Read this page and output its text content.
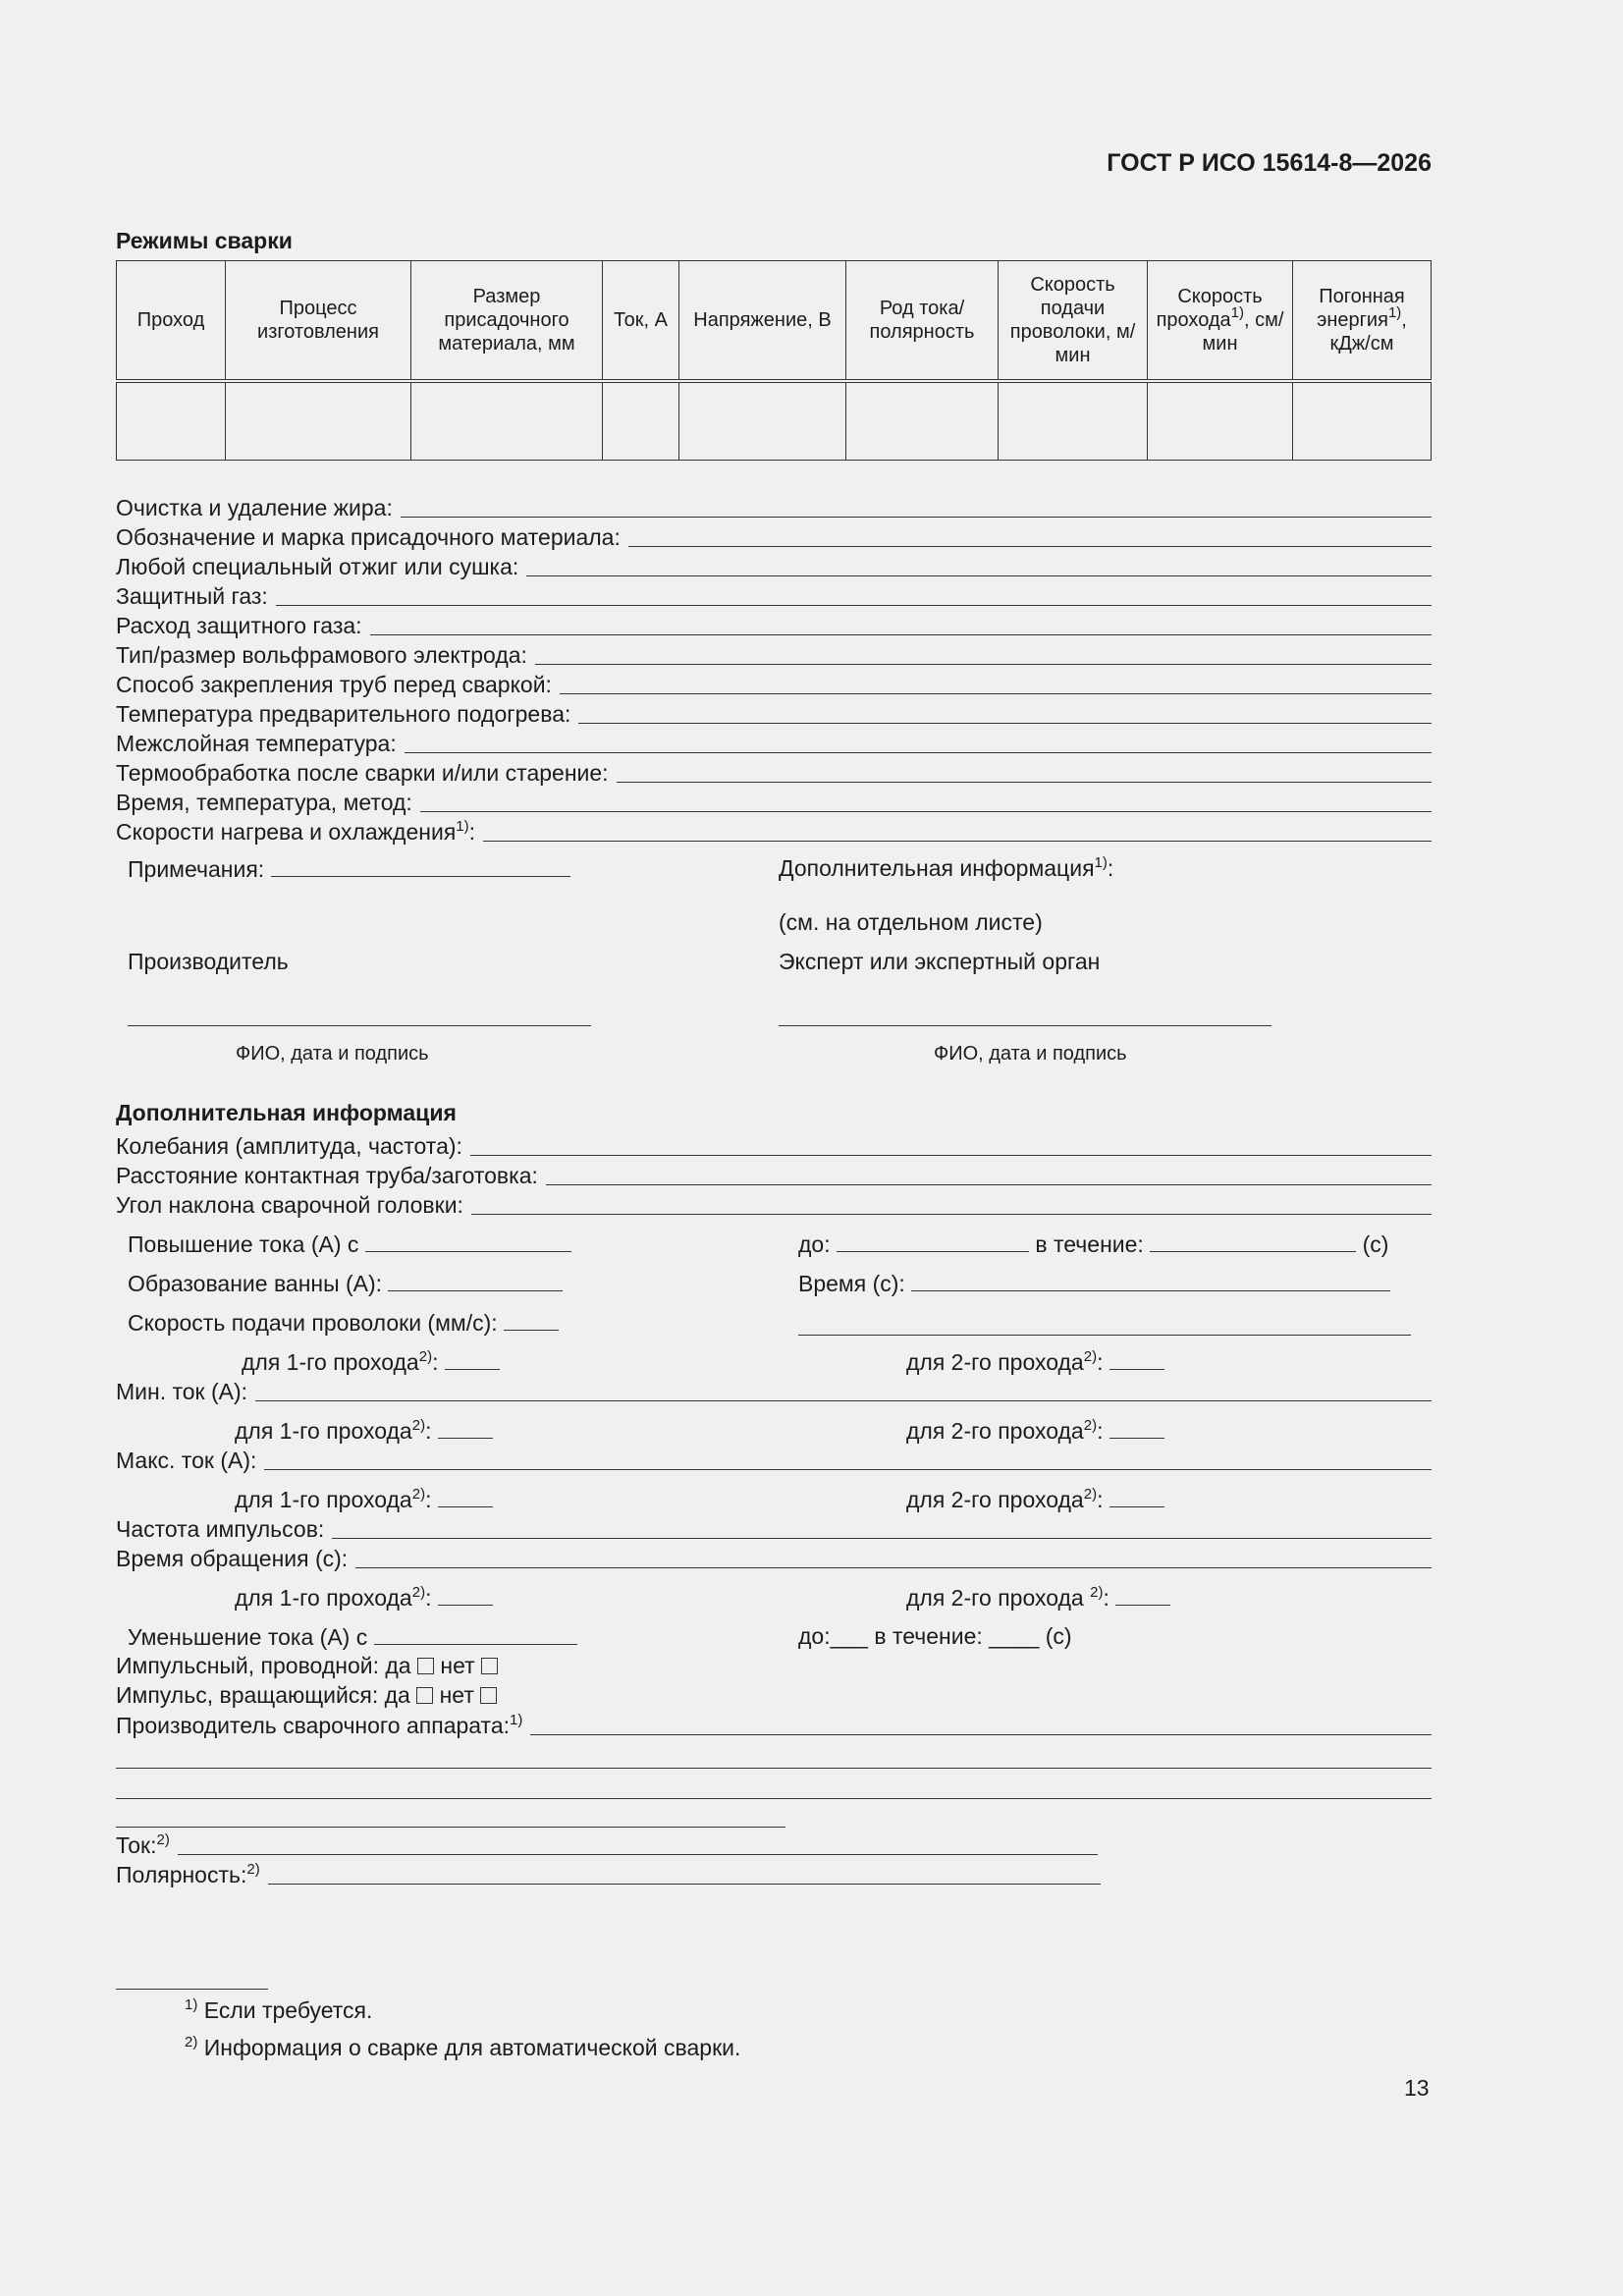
ГОСТ Р ИСО 15614-8—2026
Режимы сварки
Проход	Процесс изготовления	Размер присадочного материала, мм	Ток, А	Напряжение, В	Род тока/ полярность	Скорость подачи проволоки, м/мин	Скорость прохода$^{1)}$, см/мин	Погонная энергия$^{1)}$, кДж/см

Очистка и удаление жира:
Обозначение и марка присадочного материала:
Любой специальный отжиг или сушка:
Защитный газ:
Расход защитного газа:
Тип/размер вольфрамового электрода:
Способ закрепления труб перед сваркой:
Температура предварительного подогрева:
Межслойная температура:
Термообработка после сварки и/или старение:
Время, температура, метод:
Скорости нагрева и охлаждения$^{1)}$:
Примечания:	Дополнительная информация$^{1)}$:
(см. на отдельном листе)
Производитель	Эксперт или экспертный орган
ФИО, дата и подпись	ФИО, дата и подпись
Дополнительная информация
Колебания (амплитуда, частота):
Расстояние контактная труба/заготовка:
Угол наклона сварочной головки:
Повышение тока (А) с	до:	в течение:	(с)
Образование ванны (А):	Время (с):
Скорость подачи проволоки (мм/с):
для 1-го прохода$^{2)}$:	для 2-го прохода$^{2)}$:
Мин. ток (А):
для 1-го прохода$^{2)}$:	для 2-го прохода$^{2)}$:
Макс. ток (А):
для 1-го прохода$^{2)}$:	для 2-го прохода$^{2)}$:
Частота импульсов:
Время обращения (с):
для 1-го прохода$^{2)}$:	для 2-го прохода $^{2)}$:
Уменьшение тока (А) с	до:___ в течение: ____ (с)
Импульсный, проводной: да нет
Импульс, вращающийся: да нет
Производитель сварочного аппарата:$^{1)}$
Ток:$^{2)}$
Полярность:$^{2)}$
$^{1)}$ Если требуется.
$^{2)}$ Информация о сварке для автоматической сварки.
13
